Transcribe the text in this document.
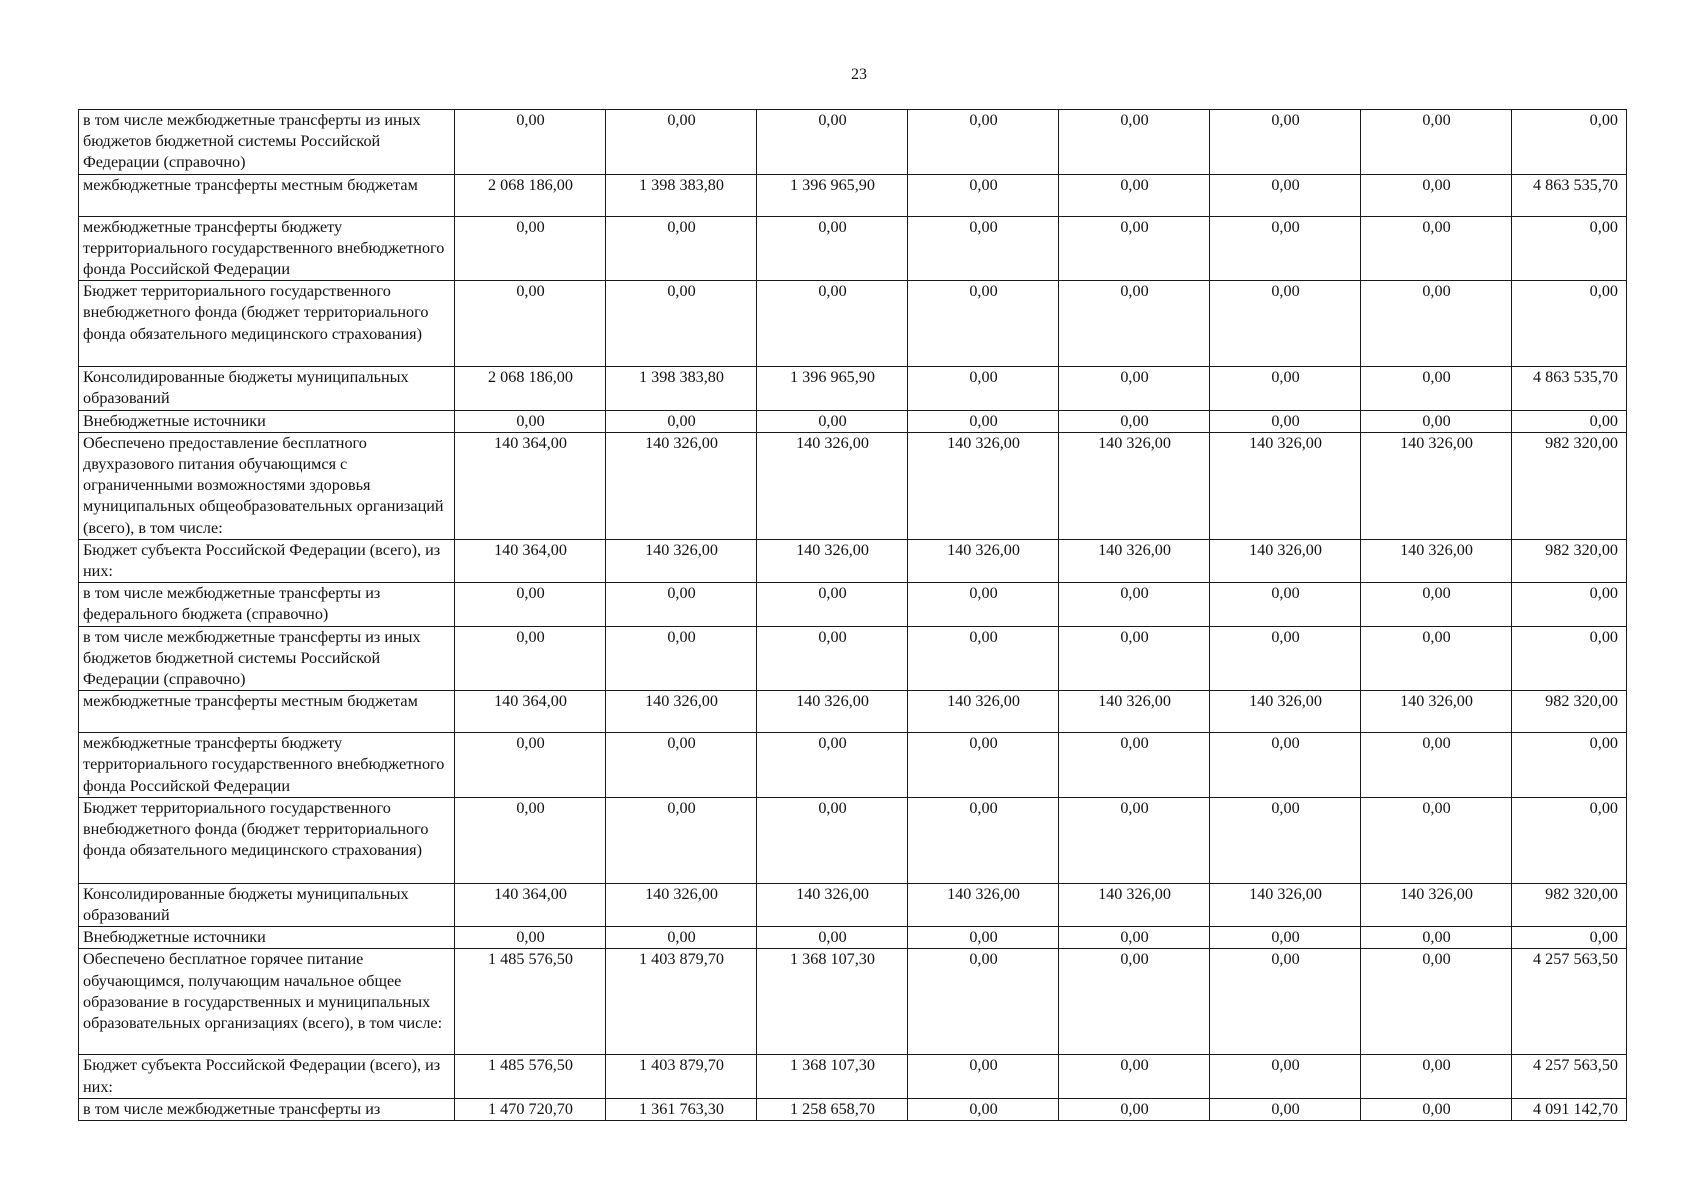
23
в том числе межбюджетные трансферты из иных бюджетов бюджетной системы Российской Федерации (справочно)	0,00	0,00	0,00	0,00	0,00	0,00	0,00	0,00
межбюджетные трансферты местным бюджетам	2 068 186,00	1 398 383,80	1 396 965,90	0,00	0,00	0,00	0,00	4 863 535,70
межбюджетные трансферты бюджету территориального государственного внебюджетного фонда Российской Федерации	0,00	0,00	0,00	0,00	0,00	0,00	0,00	0,00
Бюджет территориального государственного внебюджетного фонда (бюджет территориального фонда обязательного медицинского страхования)	0,00	0,00	0,00	0,00	0,00	0,00	0,00	0,00
Консолидированные бюджеты муниципальных образований	2 068 186,00	1 398 383,80	1 396 965,90	0,00	0,00	0,00	0,00	4 863 535,70
Внебюджетные источники	0,00	0,00	0,00	0,00	0,00	0,00	0,00	0,00
Обеспечено предоставление бесплатного двухразового питания обучающимся с ограниченными возможностями здоровья муниципальных общеобразовательных организаций (всего), в том числе:	140 364,00	140 326,00	140 326,00	140 326,00	140 326,00	140 326,00	140 326,00	982 320,00
Бюджет субъекта Российской Федерации (всего), из них:	140 364,00	140 326,00	140 326,00	140 326,00	140 326,00	140 326,00	140 326,00	982 320,00
в том числе межбюджетные трансферты из федерального бюджета (справочно)	0,00	0,00	0,00	0,00	0,00	0,00	0,00	0,00
в том числе межбюджетные трансферты из иных бюджетов бюджетной системы Российской Федерации (справочно)	0,00	0,00	0,00	0,00	0,00	0,00	0,00	0,00
межбюджетные трансферты местным бюджетам	140 364,00	140 326,00	140 326,00	140 326,00	140 326,00	140 326,00	140 326,00	982 320,00
межбюджетные трансферты бюджету территориального государственного внебюджетного фонда Российской Федерации	0,00	0,00	0,00	0,00	0,00	0,00	0,00	0,00
Бюджет территориального государственного внебюджетного фонда (бюджет территориального фонда обязательного медицинского страхования)	0,00	0,00	0,00	0,00	0,00	0,00	0,00	0,00
Консолидированные бюджеты муниципальных образований	140 364,00	140 326,00	140 326,00	140 326,00	140 326,00	140 326,00	140 326,00	982 320,00
Внебюджетные источники	0,00	0,00	0,00	0,00	0,00	0,00	0,00	0,00
Обеспечено бесплатное горячее питание обучающимся, получающим начальное общее образование в государственных и муниципальных образовательных организациях (всего), в том числе:	1 485 576,50	1 403 879,70	1 368 107,30	0,00	0,00	0,00	0,00	4 257 563,50
Бюджет субъекта Российской Федерации (всего), из них:	1 485 576,50	1 403 879,70	1 368 107,30	0,00	0,00	0,00	0,00	4 257 563,50
в том числе межбюджетные трансферты из	1 470 720,70	1 361 763,30	1 258 658,70	0,00	0,00	0,00	0,00	4 091 142,70
